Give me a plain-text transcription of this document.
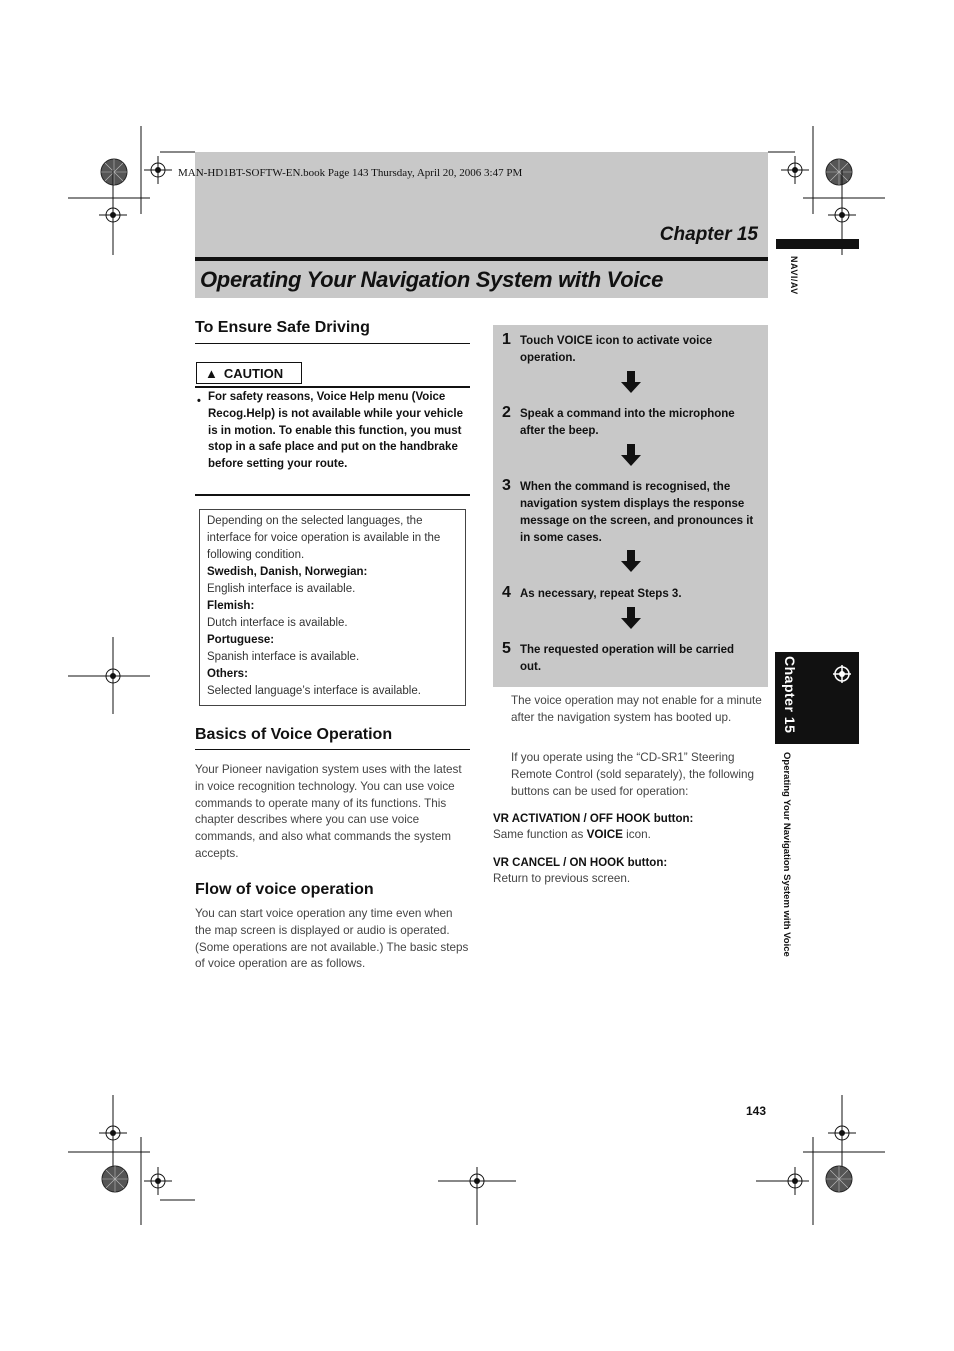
MAN-HD1BT-SOFTW-EN.book Page 143 Thursday, April 20, 2006 3:47 PM
Chapter 15
Operating Your Navigation System with Voice	NAVI/AV
Chapter 15
Operating Your Navigation System with Voice
To Ensure Safe Driving
▲ CAUTION
• For safety reasons, Voice Help menu (Voice Recog.Help) is not available while your vehicle is in motion. To enable this function, you must stop in a safe place and put on the handbrake before setting your route.
Depending on the selected languages, the interface for voice operation is available in the following condition.
Swedish, Danish, Norwegian:
English interface is available.
Flemish:
Dutch interface is available.
Portuguese:
Spanish interface is available.
Others:
Selected language’s interface is available.
Basics of Voice Operation
Your Pioneer navigation system uses with the latest in voice recognition technology. You can use voice commands to operate many of its functions. This chapter describes where you can use voice commands, and also what commands the system accepts.
Flow of voice operation
You can start voice operation any time even when the map screen is displayed or audio is operated. (Some operations are not available.) The basic steps of voice operation are as follows.
1 Touch VOICE icon to activate voice operation.
2 Speak a command into the microphone after the beep.
3 When the command is recognised, the navigation system displays the response message on the screen, and pronounces it in some cases.
4 As necessary, repeat Steps 3.
5 The requested operation will be carried out.
The voice operation may not enable for a minute after the navigation system has booted up.
If you operate using the “CD-SR1” Steering Remote Control (sold separately), the following buttons can be used for operation:
VR ACTIVATION / OFF HOOK button:
Same function as VOICE icon.
VR CANCEL / ON HOOK button:
Return to previous screen.
143
